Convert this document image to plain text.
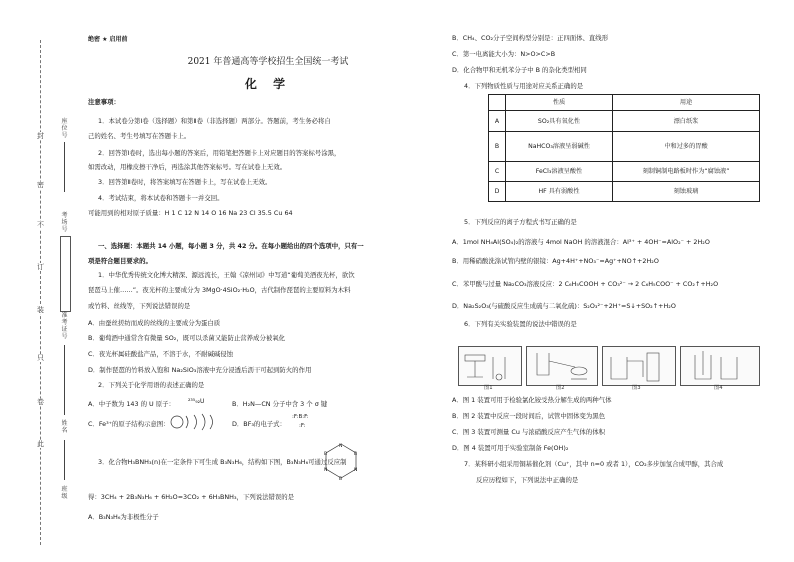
封
密
不
订
装
只
卷
此
座位号
考场号
准考证号
姓名
班级
绝密 ★ 启用前
2021 年普通高等学校招生全国统一考试
化 学
注意事项：
1．本试卷分第Ⅰ卷（选择题）和第Ⅱ卷（非选择题）两部分。答题前，考生务必将自
己的姓名、考生号填写在答题卡上。
2．回答第Ⅰ卷时，选出每小题的答案后，用铅笔把答题卡上对应题目的答案标号涂黑，
如需改动，用橡皮擦干净后，再选涂其他答案标号。写在试卷上无效。
3．回答第Ⅱ卷时，将答案填写在答题卡上，写在试卷上无效。
4．考试结束，将本试卷和答题卡一并交回。
可能用到的相对原子质量：H 1 C 12 N 14 O 16 Na 23 Cl 35.5 Cu 64
一、选择题：本题共 14 小题，每小题 3 分，共 42 分。在每小题给出的四个选项中，只有一
项是符合题目要求的。
1．中华优秀传统文化博大精深、源远流长，王翰《凉州词》中写道“葡萄美酒夜光杯，欲饮
琵琶马上催……”。夜光杯的主要成分为 3MgO·4SiO₂·H₂O，古代制作琵琶的主要原料为木料
或竹料、丝线等，下列说法错误的是
A．由蚕丝搓纺而成的丝线的主要成分为蛋白质
B．葡萄酒中通常含有微量 SO₂，既可以杀菌又能防止营养成分被氧化
C．夜光杯属硅酸盐产品，不溶于水，不耐碱碱侵蚀
D．制作琵琶的竹料放入饱和 Na₂SiO₃溶液中充分浸透后沥干可起到防火的作用
2．下列关于化学用语的表述正确的是
A．中子数为 143 的 U 原子： ²³⁵₉₂U	B．H₂N—CN 分子中含 3 个 σ 键
C．Fe³⁺的原子结构示意图：	D．BF₃的电子式：
:F:B:F:
:F:
3．化合物H₃BNH₃(n)在一定条件下可生成 B₃N₃H₆，结构如下图，B₃N₃H₆可通过反应制
N
B
N
B
N
B
得：3CH₄ + 2B₃N₃H₆ + 6H₂O=3CO₂ + 6H₃BNH₃，下列说法错误的是
A．B₃N₃H₆为非极性分子
B．CH₄、CO₂分子空间构型分别是：正四面体、直线形
C．第一电离能大小为：N>O>C>B
D．化合物甲和无机苯分子中 B 的杂化类型相同
4．下列物质性质与用途对应关系正确的是
	性质	用途
A	SO₂具有氧化性	漂白纸浆
B	NaHCO₃溶液呈弱碱性	中和过多的胃酸
C	FeCl₃溶液呈酸性	刻制铜制电路板时作为“腐蚀液”
D	HF 具有弱酸性	刻蚀玻璃
5．下列反应的离子方程式书写正确的是
A．1mol NH₄Al(SO₄)₂的溶液与 4mol NaOH 的溶液混合：Al³⁺ + 4OH⁻=AlO₂⁻ + 2H₂O
B．用稀硝酸洗涤试管内壁的银镜：Ag+4H⁺+NO₃⁻=Ag⁺+NO↑+2H₂O
C．苯甲酸与过量 Na₂CO₃溶液反应：2 C₆H₅COOH + CO₃²⁻ → 2 C₆H₅COO⁻ + CO₂↑+H₂O
D．Na₂S₂O₃(与硫酸反应生成硫与二氧化硫)：S₂O₃²⁻+2H⁺=S↓+SO₂↑+H₂O
6．下列有关实验装置的说法中错误的是
图1	图2	图3	图4
A．图 1 装置可用于检验氯化铵受热分解生成的两种气体
B．图 2 装置中反应一段时间后，试管中固体变为黑色
C．图 3 装置可测量 Cu 与浓硝酸反应产生气体的体积
D．图 4 装置可用于实验室制备 Fe(OH)₂
7．某科研小组采用铜基催化剂（Cu⁺，其中 n=0 或者 1），CO₂多步加氢合成甲醇，其合成
反应历程如下，下列说法中正确的是
